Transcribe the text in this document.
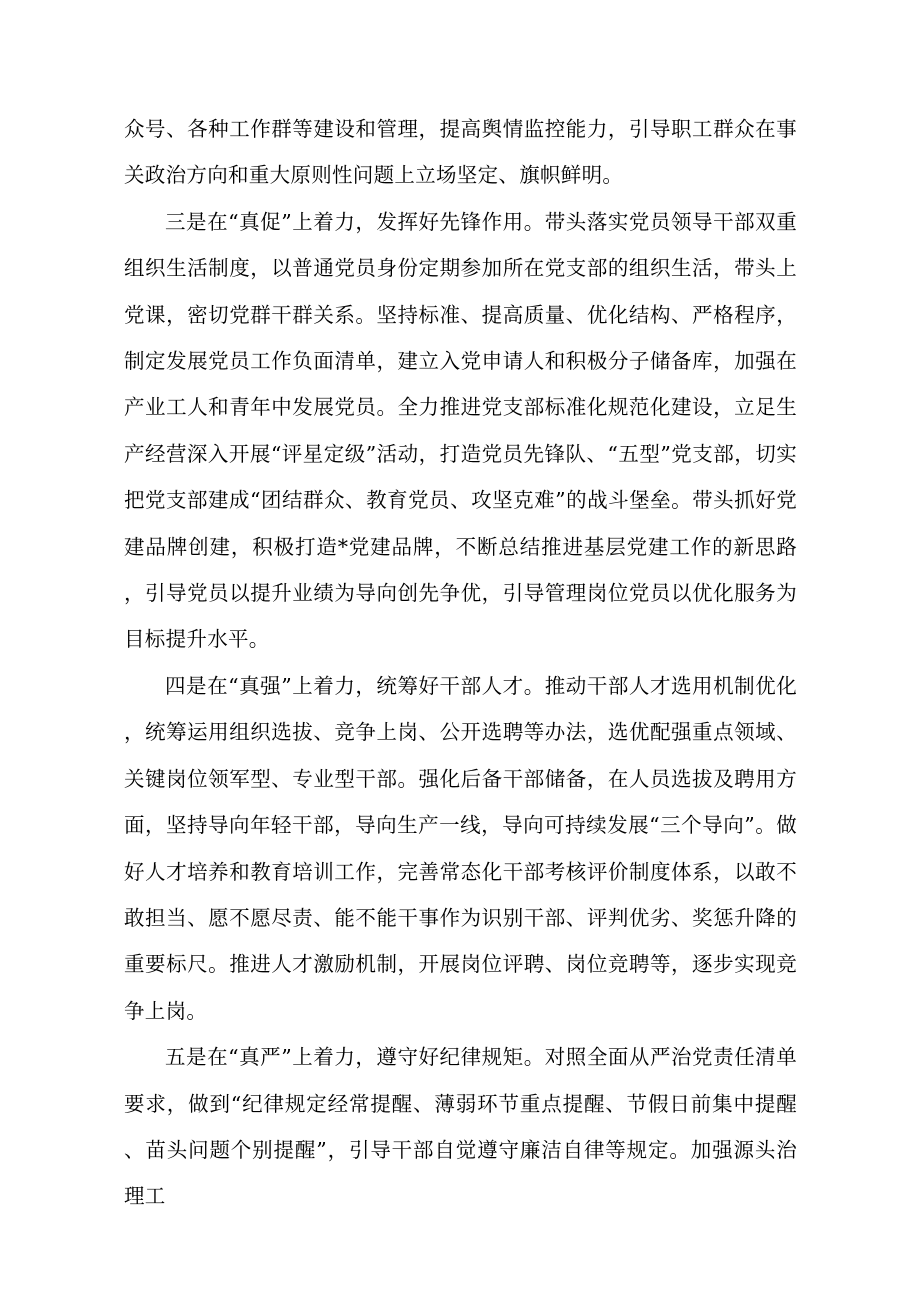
众号、各种工作群等建设和管理，提高舆情监控能力，引导职工群众在事关政治方向和重大原则性问题上立场坚定、旗帜鲜明。

三是在“真促”上着力，发挥好先锋作用。带头落实党员领导干部双重组织生活制度，以普通党员身份定期参加所在党支部的组织生活，带头上党课，密切党群干群关系。坚持标准、提高质量、优化结构、严格程序，制定发展党员工作负面清单，建立入党申请人和积极分子储备库，加强在产业工人和青年中发展党员。全力推进党支部标准化规范化建设，立足生产经营深入开展“评星定级”活动，打造党员先锋队、“五型”党支部，切实把党支部建成“团结群众、教育党员、攻坚克难”的战斗堡垒。带头抓好党建品牌创建，积极打造*党建品牌，不断总结推进基层党建工作的新思路，引导党员以提升业绩为导向创先争优，引导管理岗位党员以优化服务为目标提升水平。

四是在“真强”上着力，统筹好干部人才。推动干部人才选用机制优化，统筹运用组织选拔、竞争上岗、公开选聘等办法，选优配强重点领域、关键岗位领军型、专业型干部。强化后备干部储备，在人员选拔及聘用方面，坚持导向年轻干部，导向生产一线，导向可持续发展“三个导向”。做好人才培养和教育培训工作，完善常态化干部考核评价制度体系，以敢不敢担当、愿不愿尽责、能不能干事作为识别干部、评判优劣、奖惩升降的重要标尺。推进人才激励机制，开展岗位评聘、岗位竞聘等，逐步实现竞争上岗。

五是在“真严”上着力，遵守好纪律规矩。对照全面从严治党责任清单要求，做到“纪律规定经常提醒、薄弱环节重点提醒、节假日前集中提醒、苗头问题个别提醒”，引导干部自觉遵守廉洁自律等规定。加强源头治理工
